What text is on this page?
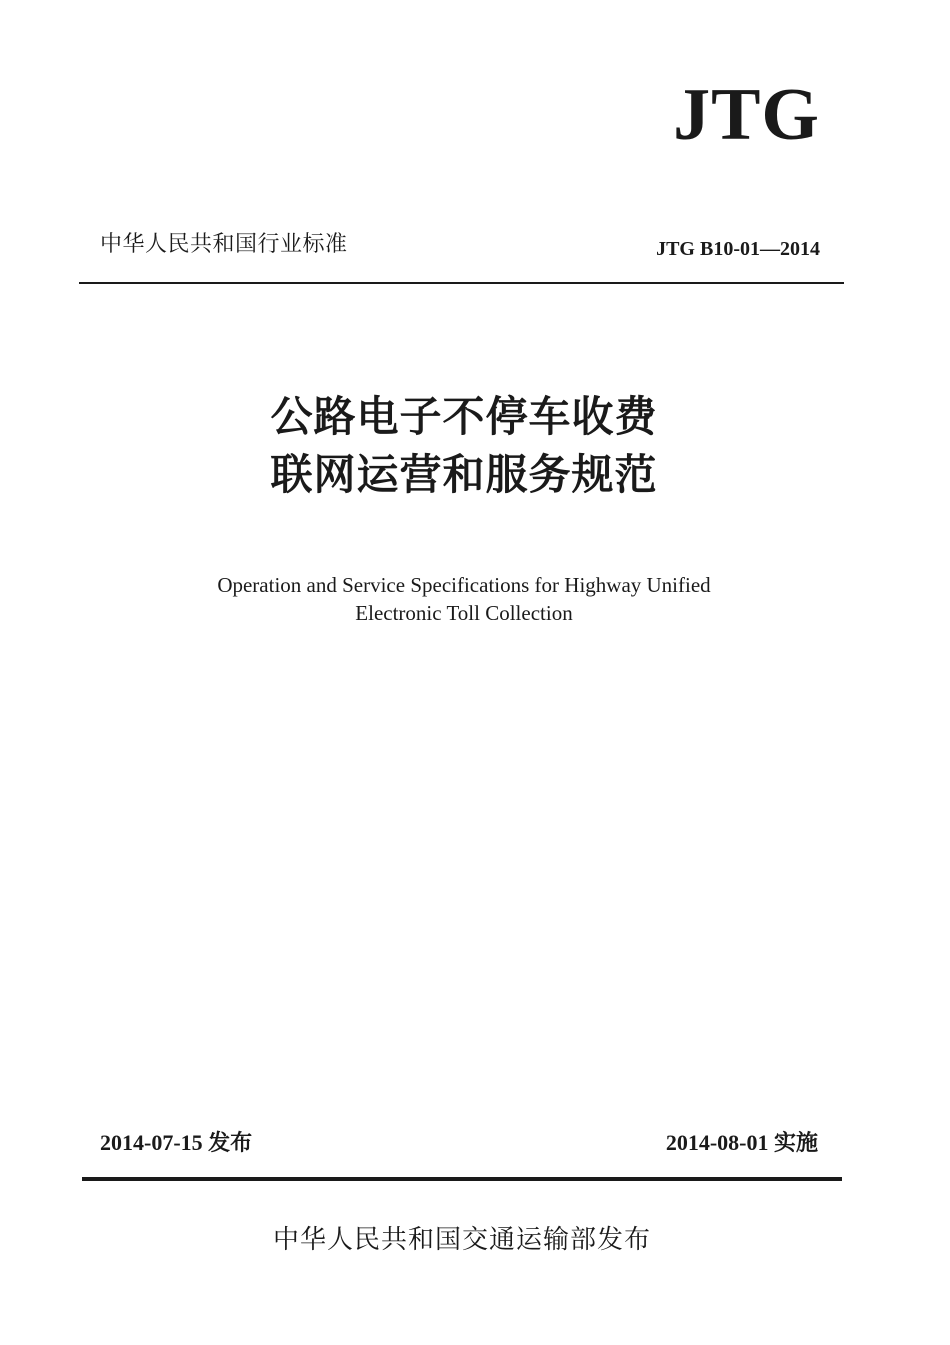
JTG
中华人民共和国行业标准	JTG B10-01—2014
公路电子不停车收费
联网运营和服务规范
Operation and Service Specifications for Highway Unified
Electronic Toll Collection
2014-07-15 发布	2014-08-01 实施
中华人民共和国交通运输部发布
